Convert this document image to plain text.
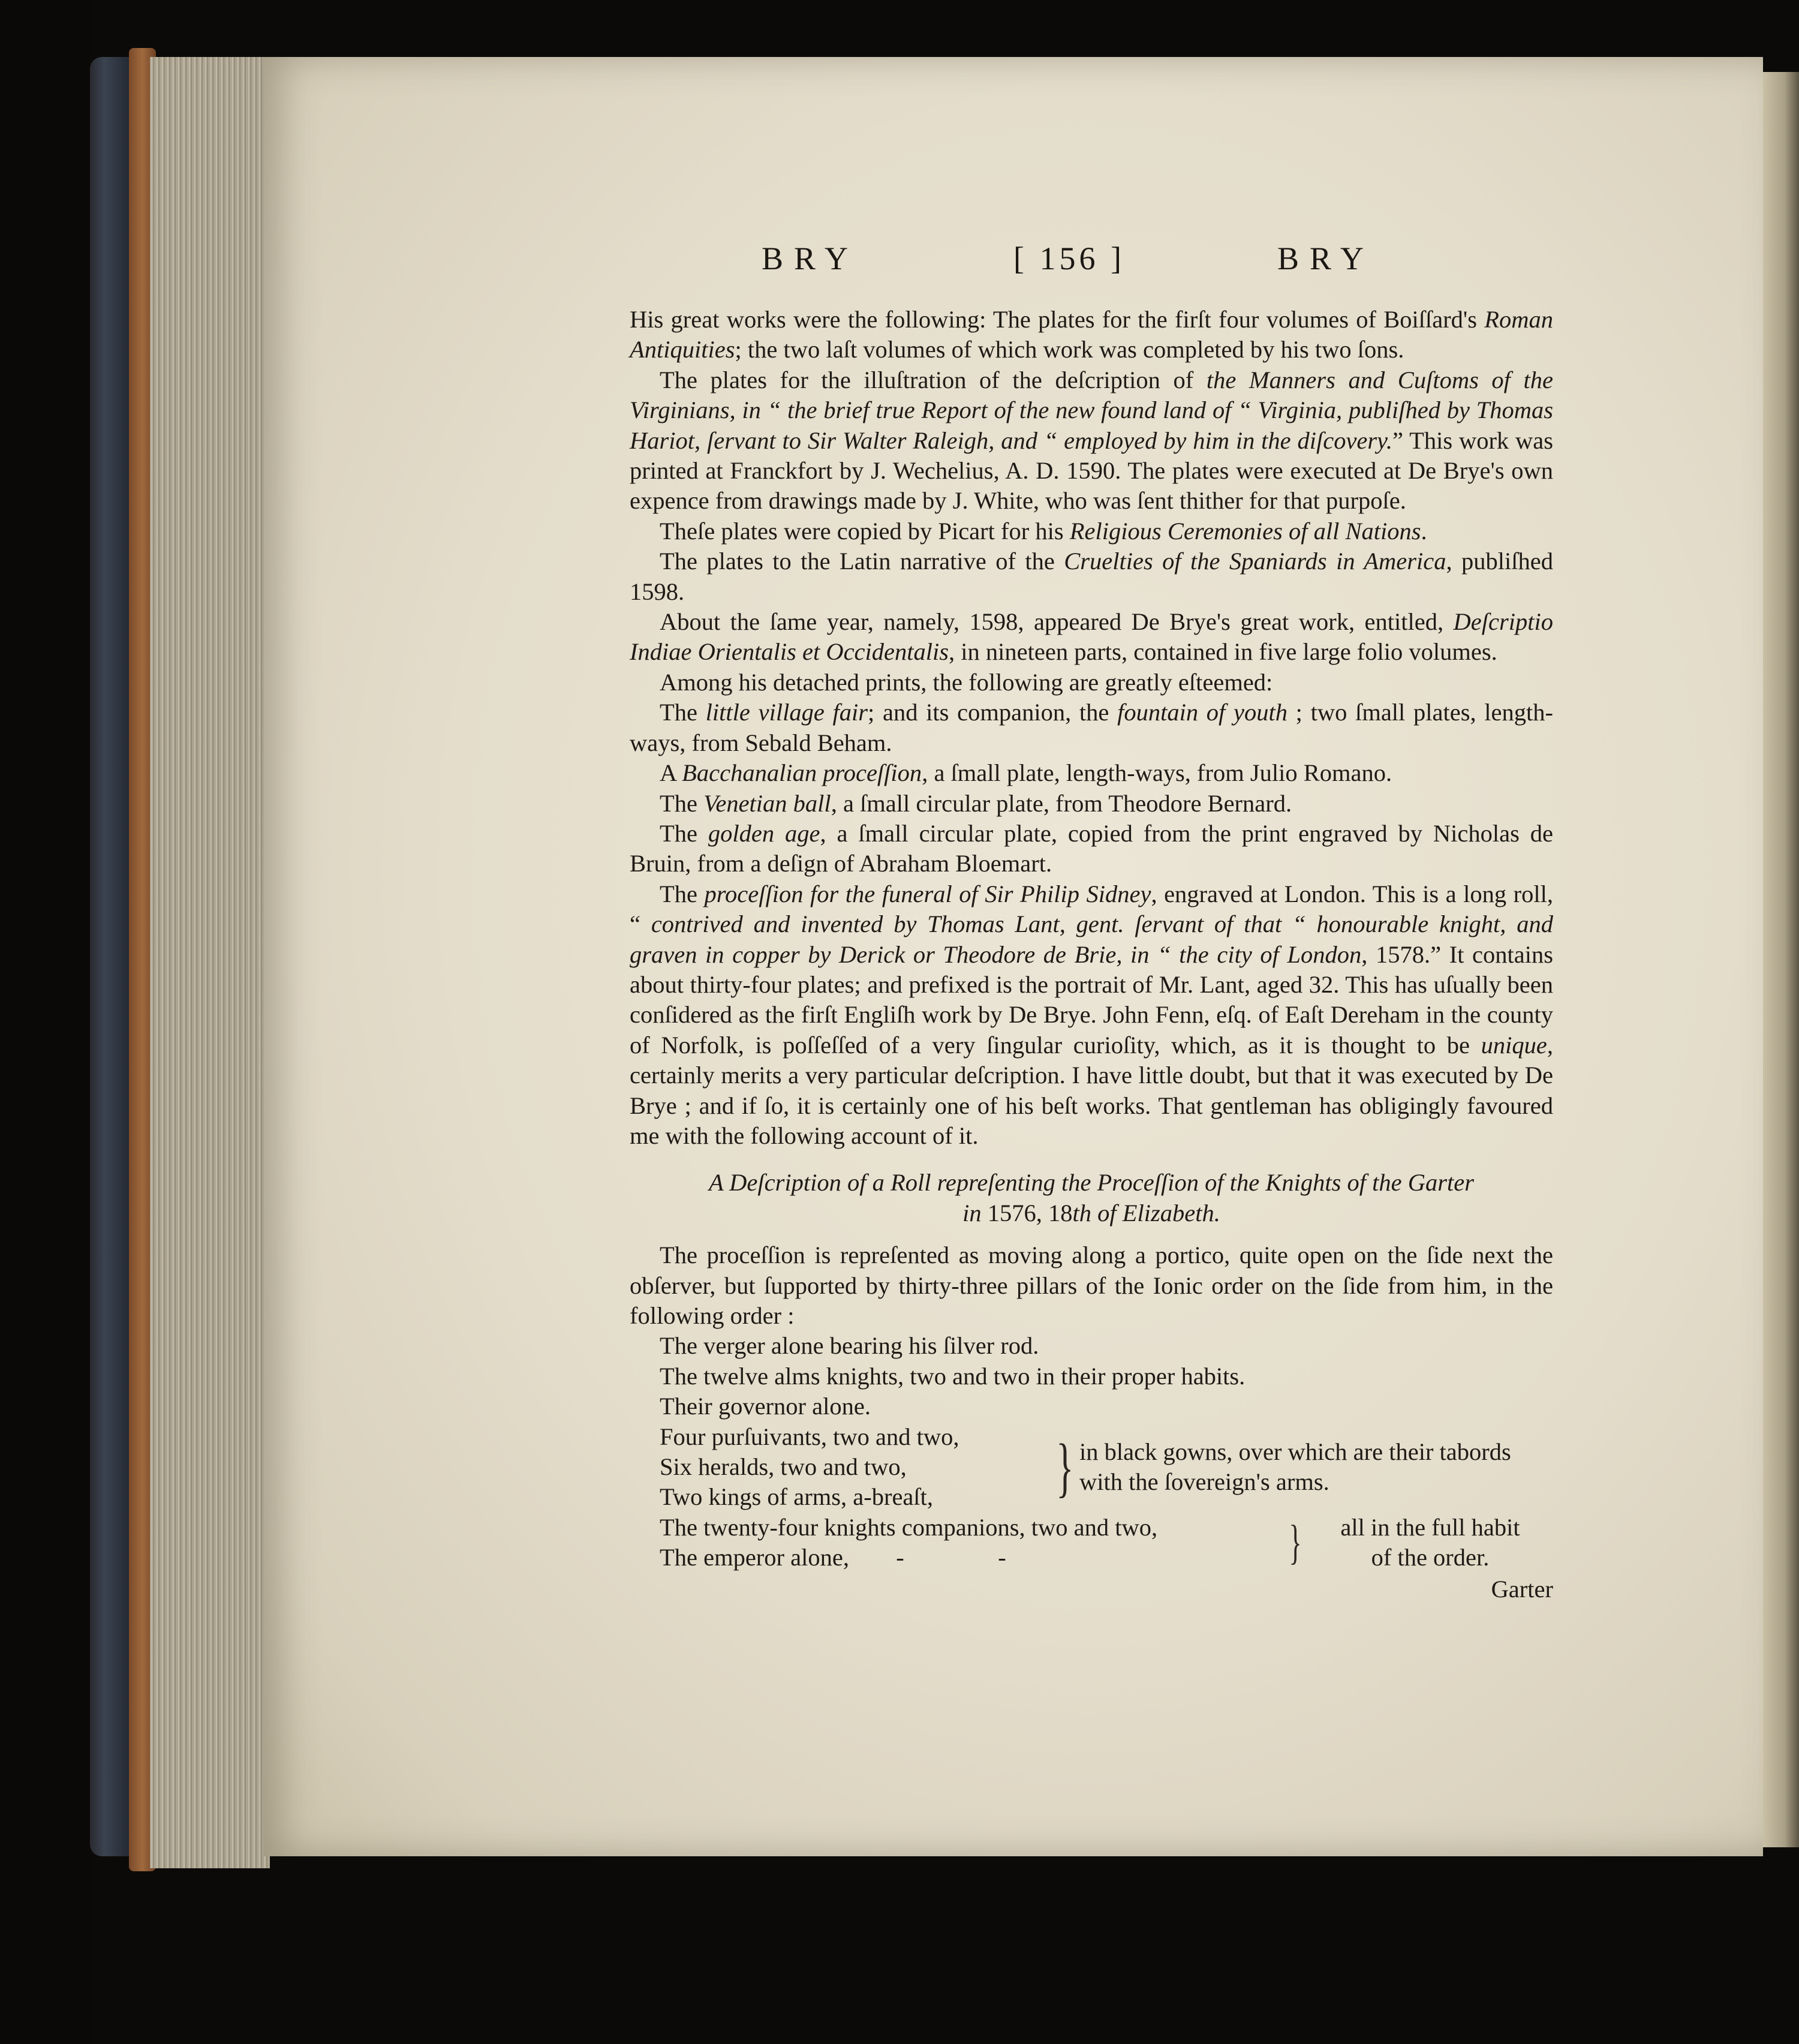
BRY	[ 156 ]	BRY

His great works were the following: The plates for the firſt four volumes of Boiſſard's Roman Antiquities; the two laſt volumes of which work was completed by his two ſons.

The plates for the illuſtration of the deſcription of the Manners and Cuſtoms of the Virginians, in “ the brief true Report of the new found land of “ Virginia, publiſhed by Thomas Hariot, ſervant to Sir Walter Raleigh, and “ employed by him in the diſcovery.” This work was printed at Franckfort by J. Wechelius, A. D. 1590. The plates were executed at De Brye's own expence from drawings made by J. White, who was ſent thither for that purpoſe.

Theſe plates were copied by Picart for his Religious Ceremonies of all Nations.

The plates to the Latin narrative of the Cruelties of the Spaniards in America, publiſhed 1598.

About the ſame year, namely, 1598, appeared De Brye's great work, entitled, Deſcriptio Indiae Orientalis et Occidentalis, in nineteen parts, contained in five large folio volumes.

Among his detached prints, the following are greatly eſteemed:

The little village fair; and its companion, the fountain of youth ; two ſmall plates, length-ways, from Sebald Beham.

A Bacchanalian proceſſion, a ſmall plate, length-ways, from Julio Romano.

The Venetian ball, a ſmall circular plate, from Theodore Bernard.

The golden age, a ſmall circular plate, copied from the print engraved by Nicholas de Bruin, from a deſign of Abraham Bloemart.

The proceſſion for the funeral of Sir Philip Sidney, engraved at London. This is a long roll, “ contrived and invented by Thomas Lant, gent. ſervant of that “ honourable knight, and graven in copper by Derick or Theodore de Brie, in “ the city of London, 1578.” It contains about thirty-four plates; and prefixed is the portrait of Mr. Lant, aged 32. This has uſually been conſidered as the firſt Engliſh work by De Brye. John Fenn, eſq. of Eaſt Dereham in the county of Norfolk, is poſſeſſed of a very ſingular curioſity, which, as it is thought to be unique, certainly merits a very particular deſcription. I have little doubt, but that it was executed by De Brye ; and if ſo, it is certainly one of his beſt works. That gentleman has obligingly favoured me with the following account of it.

A Deſcription of a Roll repreſenting the Proceſſion of the Knights of the Garter
in 1576, 18th of Elizabeth.

The proceſſion is repreſented as moving along a portico, quite open on the ſide next the obſerver, but ſupported by thirty-three pillars of the Ionic order on the ſide from him, in the following order :

The verger alone bearing his ſilver rod.
The twelve alms knights, two and two in their proper habits.
Their governor alone.
Four purſuivants, two and two,
Six heralds, two and two,
Two kings of arms, a-breaſt,	} in black gowns, over which are their tabords with the ſovereign's arms.
The twenty-four knights companions, two and two,
The emperor alone, -	-	}	all in the full habit
of the order.
Garter
